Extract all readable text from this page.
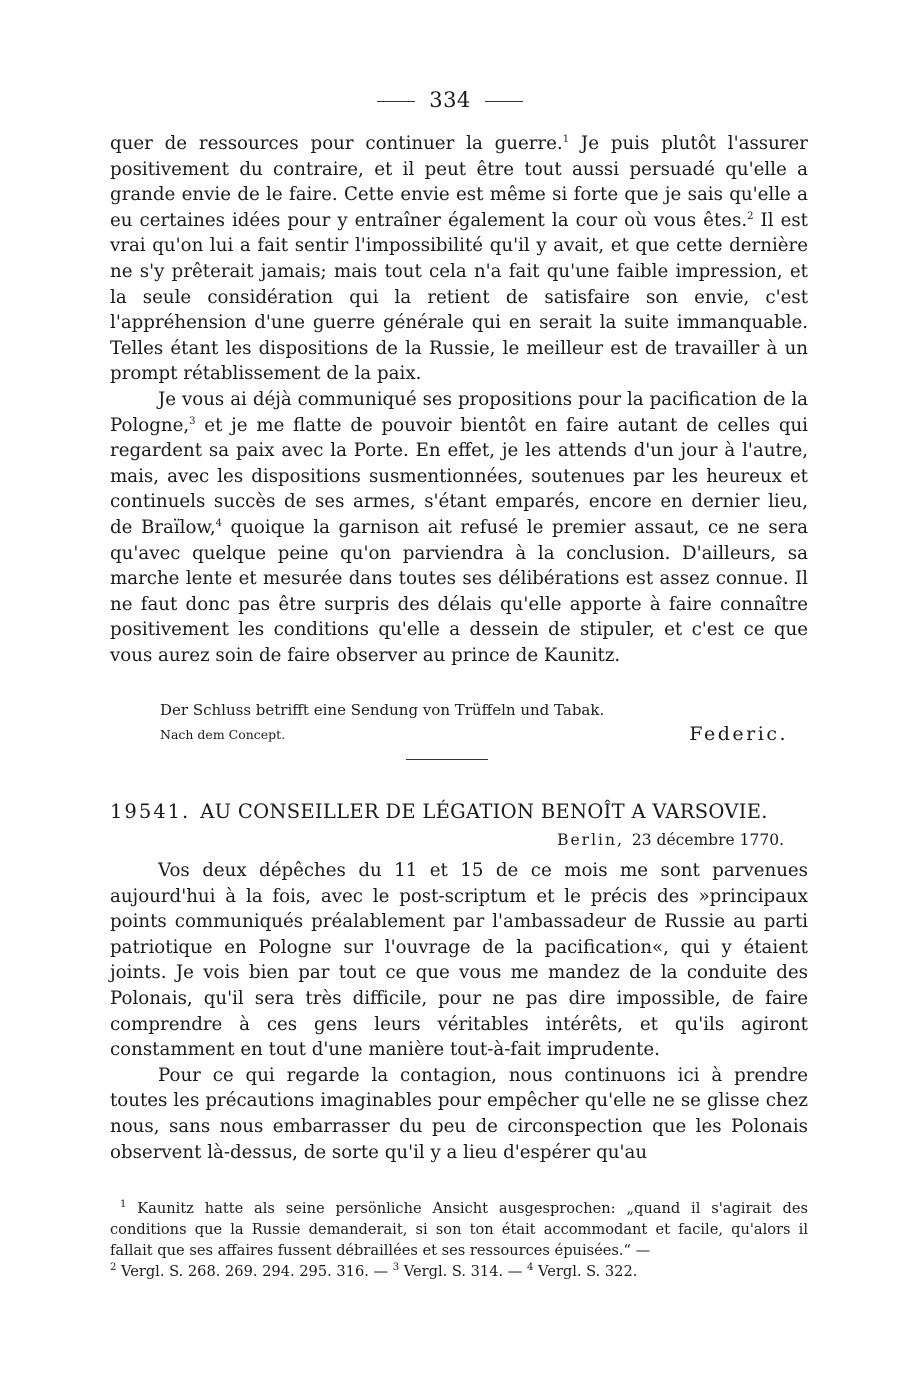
334

quer de ressources pour continuer la guerre.$^1$ Je puis plutôt l'assurer positivement du contraire, et il peut être tout aussi persuadé qu'elle a grande envie de le faire. Cette envie est même si forte que je sais qu'elle a eu certaines idées pour y entraîner également la cour où vous êtes.$^2$ Il est vrai qu'on lui a fait sentir l'impossibilité qu'il y avait, et que cette dernière ne s'y prêterait jamais; mais tout cela n'a fait qu'une faible impression, et la seule considération qui la retient de satisfaire son envie, c'est l'appréhension d'une guerre générale qui en serait la suite immanquable. Telles étant les dispositions de la Russie, le meilleur est de travailler à un prompt rétablissement de la paix.

Je vous ai déjà communiqué ses propositions pour la pacification de la Pologne,$^3$ et je me flatte de pouvoir bientôt en faire autant de celles qui regardent sa paix avec la Porte. En effet, je les attends d'un jour à l'autre, mais, avec les dispositions susmentionnées, soutenues par les heureux et continuels succès de ses armes, s'étant emparés, encore en dernier lieu, de Braïlow,$^4$ quoique la garnison ait refusé le premier assaut, ce ne sera qu'avec quelque peine qu'on parviendra à la conclusion. D'ailleurs, sa marche lente et mesurée dans toutes ses délibérations est assez connue. Il ne faut donc pas être surpris des délais qu'elle apporte à faire connaître positivement les conditions qu'elle a dessein de stipuler, et c'est ce que vous aurez soin de faire observer au prince de Kaunitz.

Der Schluss betrifft eine Sendung von Trüffeln und Tabak.
Nach dem Concept.	Federic.
19541. AU CONSEILLER DE LÉGATION BENOÎT A VARSOVIE.
Berlin, 23 décembre 1770.

Vos deux dépêches du 11 et 15 de ce mois me sont parvenues aujourd'hui à la fois, avec le post-scriptum et le précis des »principaux points communiqués préalablement par l'ambassadeur de Russie au parti patriotique en Pologne sur l'ouvrage de la pacification«, qui y étaient joints. Je vois bien par tout ce que vous me mandez de la conduite des Polonais, qu'il sera très difficile, pour ne pas dire impossible, de faire comprendre à ces gens leurs véritables intérêts, et qu'ils agiront constamment en tout d'une manière tout-à-fait imprudente.

Pour ce qui regarde la contagion, nous continuons ici à prendre toutes les précautions imaginables pour empêcher qu'elle ne se glisse chez nous, sans nous embarrasser du peu de circonspection que les Polonais observent là-dessus, de sorte qu'il y a lieu d'espérer qu'au

$^1$ Kaunitz hatte als seine persönliche Ansicht ausgesprochen: „quand il s'agirait des conditions que la Russie demanderait, si son ton était accommodant et facile, qu'alors il fallait que ses affaires fussent débraillées et ses ressources épuisées.“ —

$^2$ Vergl. S. 268. 269. 294. 295. 316. — $^3$ Vergl. S. 314. — $^4$ Vergl. S. 322.
